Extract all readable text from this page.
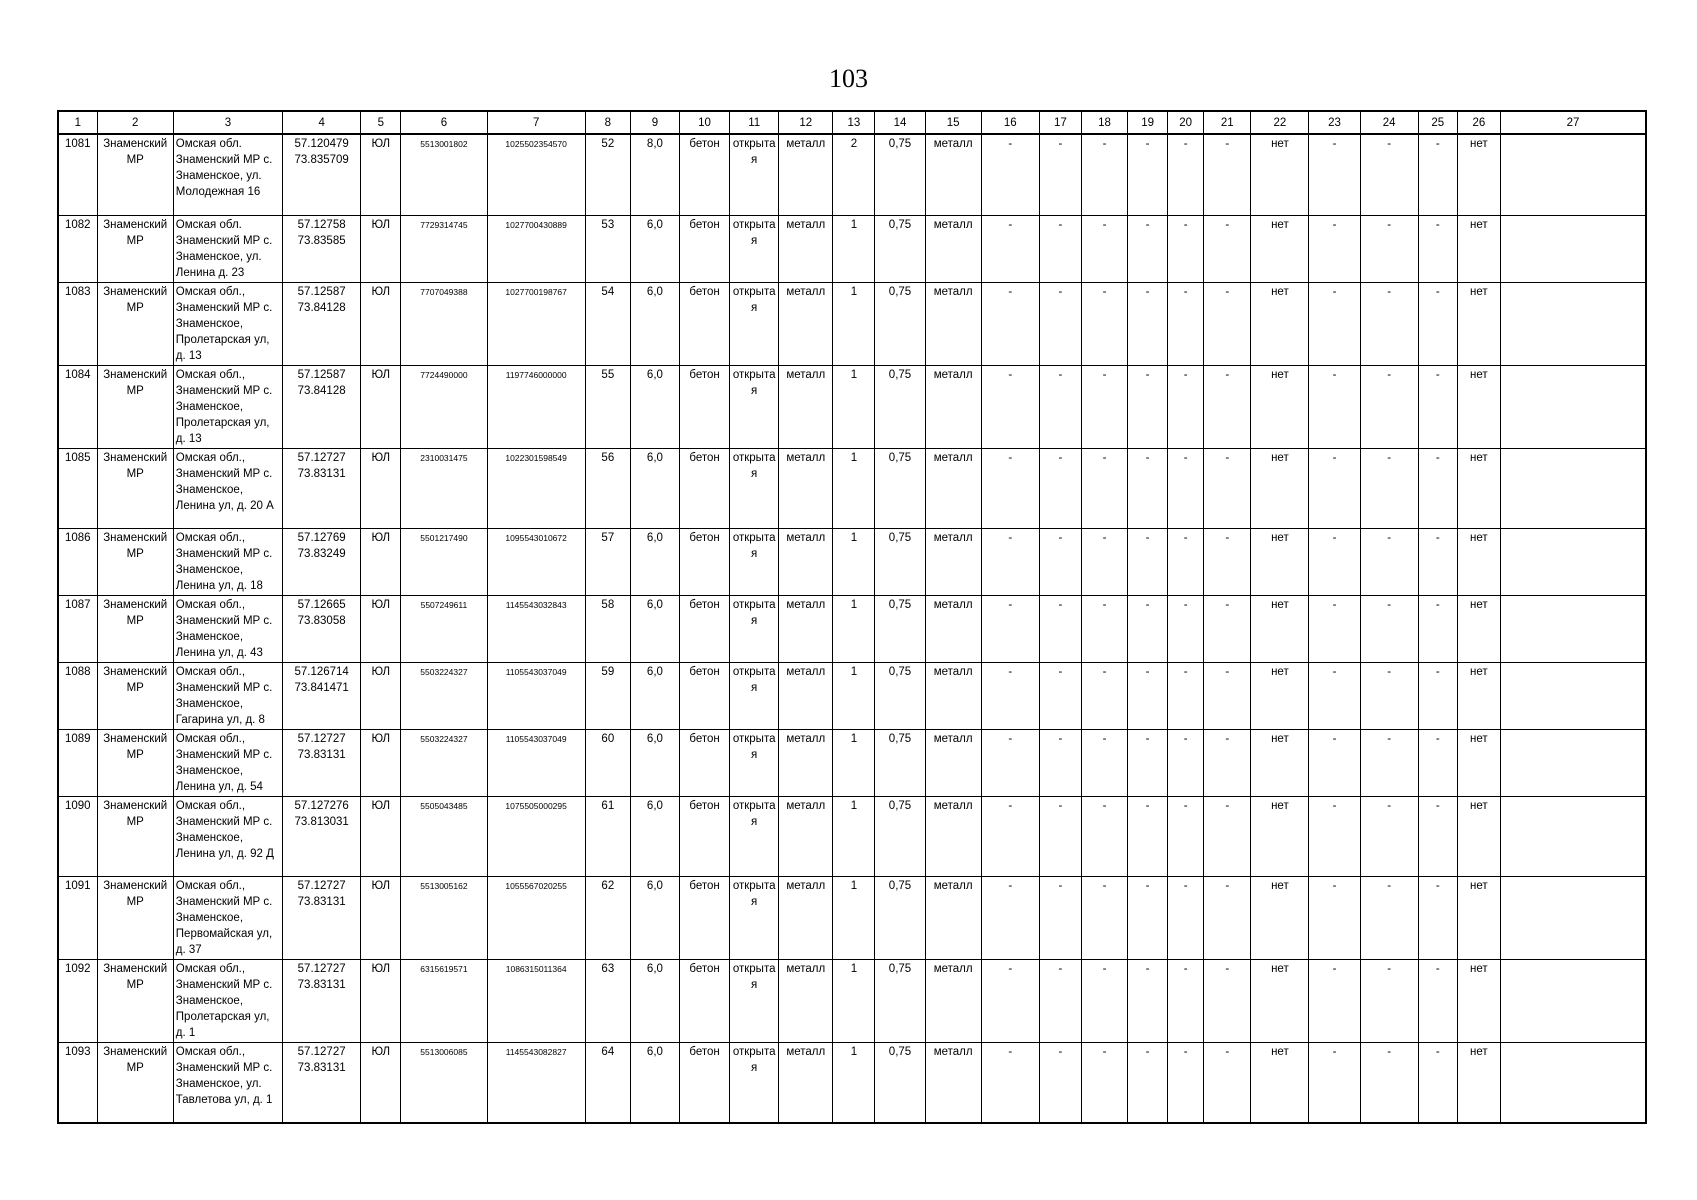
103
1	2	3	4	5	6	7	8	9	10	11	12	13	14	15	16	17	18	19	20	21	22	23	24	25	26	27
1081	Знаменский МР	Омская обл. Знаменский МР с. Знаменское, ул. Молодежная 16	57.120479 73.835709	ЮЛ	5513001802	1025502354570	52	8,0	бетон	открытая	металл	2	0,75	металл	-	-	-	-	-	-	нет	-	-	-	нет	
1082	Знаменский МР	Омская обл. Знаменский МР с. Знаменское, ул. Ленина д. 23	57.12758 73.83585	ЮЛ	7729314745	1027700430889	53	6,0	бетон	открытая	металл	1	0,75	металл	-	-	-	-	-	-	нет	-	-	-	нет	
1083	Знаменский МР	Омская обл., Знаменский МР с. Знаменское, Пролетарская ул, д. 13	57.12587 73.84128	ЮЛ	7707049388	1027700198767	54	6,0	бетон	открытая	металл	1	0,75	металл	-	-	-	-	-	-	нет	-	-	-	нет	
1084	Знаменский МР	Омская обл., Знаменский МР с. Знаменское, Пролетарская ул, д. 13	57.12587 73.84128	ЮЛ	7724490000	1197746000000	55	6,0	бетон	открытая	металл	1	0,75	металл	-	-	-	-	-	-	нет	-	-	-	нет	
1085	Знаменский МР	Омская обл., Знаменский МР с. Знаменское, Ленина ул, д. 20 А	57.12727 73.83131	ЮЛ	2310031475	1022301598549	56	6,0	бетон	открытая	металл	1	0,75	металл	-	-	-	-	-	-	нет	-	-	-	нет	
1086	Знаменский МР	Омская обл., Знаменский МР с. Знаменское, Ленина ул, д. 18	57.12769 73.83249	ЮЛ	5501217490	1095543010672	57	6,0	бетон	открытая	металл	1	0,75	металл	-	-	-	-	-	-	нет	-	-	-	нет	
1087	Знаменский МР	Омская обл., Знаменский МР с. Знаменское, Ленина ул, д. 43	57.12665 73.83058	ЮЛ	5507249611	1145543032843	58	6,0	бетон	открытая	металл	1	0,75	металл	-	-	-	-	-	-	нет	-	-	-	нет	
1088	Знаменский МР	Омская обл., Знаменский МР с. Знаменское, Гагарина ул, д. 8	57.126714 73.841471	ЮЛ	5503224327	1105543037049	59	6,0	бетон	открытая	металл	1	0,75	металл	-	-	-	-	-	-	нет	-	-	-	нет	
1089	Знаменский МР	Омская обл., Знаменский МР с. Знаменское, Ленина ул, д. 54	57.12727 73.83131	ЮЛ	5503224327	1105543037049	60	6,0	бетон	открытая	металл	1	0,75	металл	-	-	-	-	-	-	нет	-	-	-	нет	
1090	Знаменский МР	Омская обл., Знаменский МР с. Знаменское, Ленина ул, д. 92 Д	57.127276 73.813031	ЮЛ	5505043485	1075505000295	61	6,0	бетон	открытая	металл	1	0,75	металл	-	-	-	-	-	-	нет	-	-	-	нет	
1091	Знаменский МР	Омская обл., Знаменский МР с. Знаменское, Первомайская ул, д. 37	57.12727 73.83131	ЮЛ	5513005162	1055567020255	62	6,0	бетон	открытая	металл	1	0,75	металл	-	-	-	-	-	-	нет	-	-	-	нет	
1092	Знаменский МР	Омская обл., Знаменский МР с. Знаменское, Пролетарская ул, д. 1	57.12727 73.83131	ЮЛ	6315619571	1086315011364	63	6,0	бетон	открытая	металл	1	0,75	металл	-	-	-	-	-	-	нет	-	-	-	нет	
1093	Знаменский МР	Омская обл., Знаменский МР с. Знаменское, ул. Тавлетова ул, д. 1	57.12727 73.83131	ЮЛ	5513006085	1145543082827	64	6,0	бетон	открытая	металл	1	0,75	металл	-	-	-	-	-	-	нет	-	-	-	нет	
